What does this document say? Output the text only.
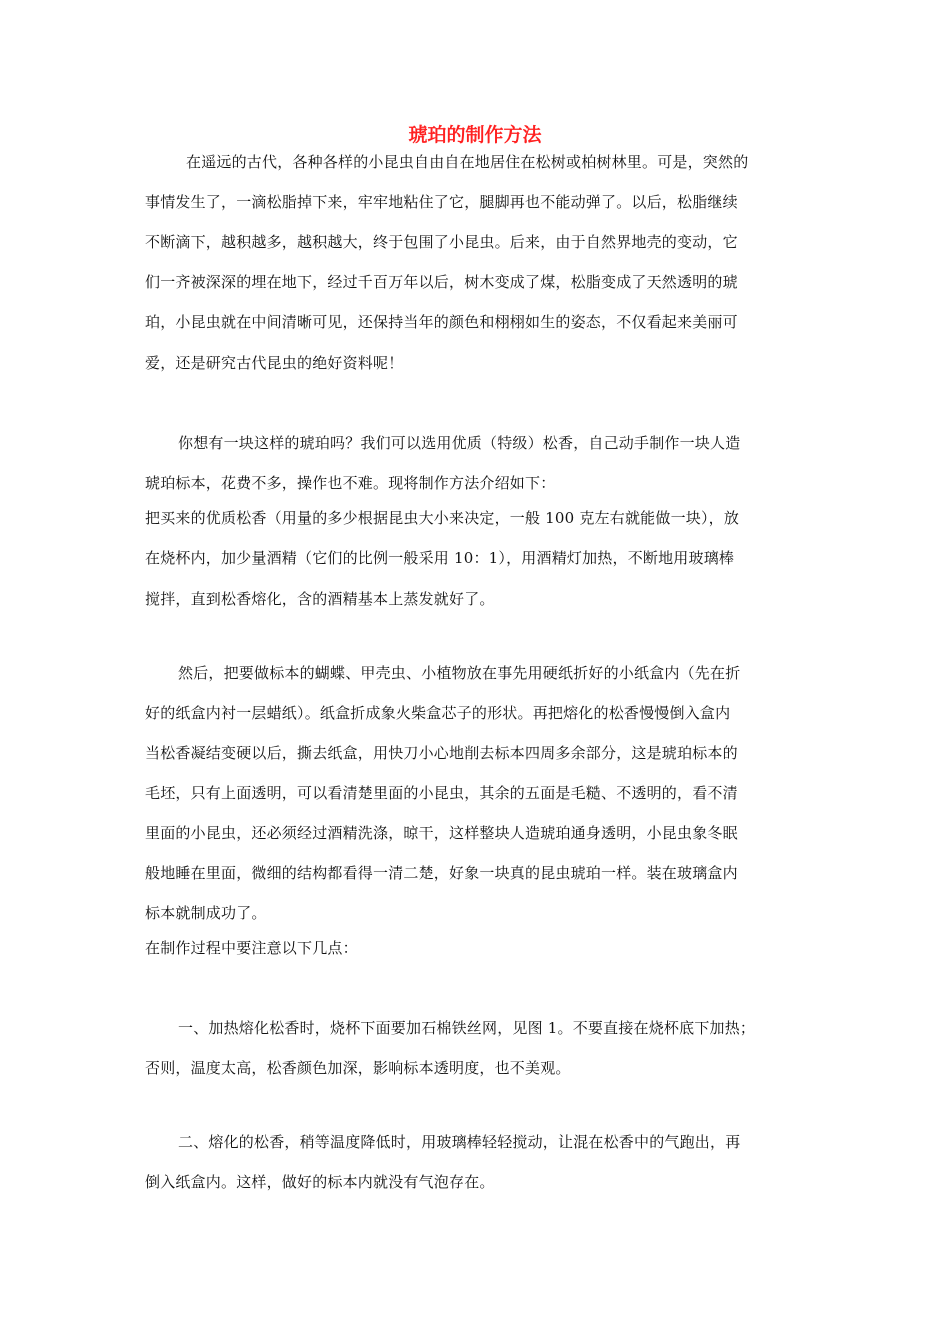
琥珀的制作方法
在遥远的古代，各种各样的小昆虫自由自在地居住在松树或柏树林里。可是，突然的
事情发生了，一滴松脂掉下来，牢牢地粘住了它，腿脚再也不能动弹了。以后，松脂继续
不断滴下，越积越多，越积越大，终于包围了小昆虫。后来，由于自然界地壳的变动，它
们一齐被深深的埋在地下，经过千百万年以后，树木变成了煤，松脂变成了天然透明的琥
珀，小昆虫就在中间清晰可见，还保持当年的颜色和栩栩如生的姿态，不仅看起来美丽可
爱，还是研究古代昆虫的绝好资料呢！
你想有一块这样的琥珀吗？我们可以选用优质（特级）松香，自己动手制作一块人造
琥珀标本，花费不多，操作也不难。现将制作方法介绍如下：
把买来的优质松香（用量的多少根据昆虫大小来决定，一般 100 克左右就能做一块），放
在烧杯内，加少量酒精（它们的比例一般采用 10：1），用酒精灯加热，不断地用玻璃棒
搅拌，直到松香熔化，含的酒精基本上蒸发就好了。
然后，把要做标本的蝴蝶、甲壳虫、小植物放在事先用硬纸折好的小纸盒内（先在折
好的纸盒内衬一层蜡纸）。纸盒折成象火柴盒芯子的形状。再把熔化的松香慢慢倒入盒内
当松香凝结变硬以后，撕去纸盒，用快刀小心地削去标本四周多余部分，这是琥珀标本的
毛坯，只有上面透明，可以看清楚里面的小昆虫，其余的五面是毛糙、不透明的，看不清
里面的小昆虫，还必须经过酒精洗涤，晾干，这样整块人造琥珀通身透明，小昆虫象冬眠
般地睡在里面，微细的结构都看得一清二楚，好象一块真的昆虫琥珀一样。装在玻璃盒内
标本就制成功了。
在制作过程中要注意以下几点：
一、加热熔化松香时，烧杯下面要加石棉铁丝网，见图 1。不要直接在烧杯底下加热；
否则，温度太高，松香颜色加深，影响标本透明度，也不美观。
二、熔化的松香，稍等温度降低时，用玻璃棒轻轻搅动，让混在松香中的气跑出，再
倒入纸盒内。这样，做好的标本内就没有气泡存在。
